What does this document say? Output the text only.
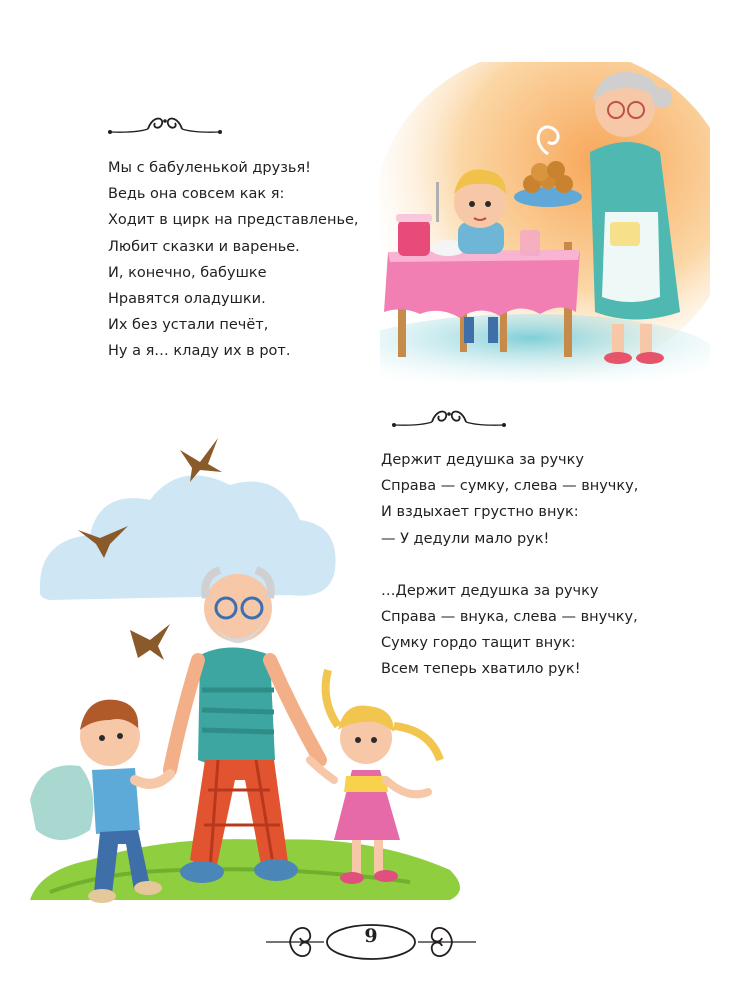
Мы с бабуленькой друзья!
Ведь она совсем как я:
Ходит в цирк на представленье,
Любит сказки и варенье.
И, конечно, бабушке
Нравятся оладушки.
Их без устали печёт,
Ну а я… кладу их в рот.
Держит дедушка за ручку
Справа — сумку, слева — внучку,
И вздыхает грустно внук:
— У дедули мало рук!
…Держит дедушка за ручку
Справа — внука, слева — внучку,
Сумку гордо тащит внук:
Всем теперь хватило рук!
9
